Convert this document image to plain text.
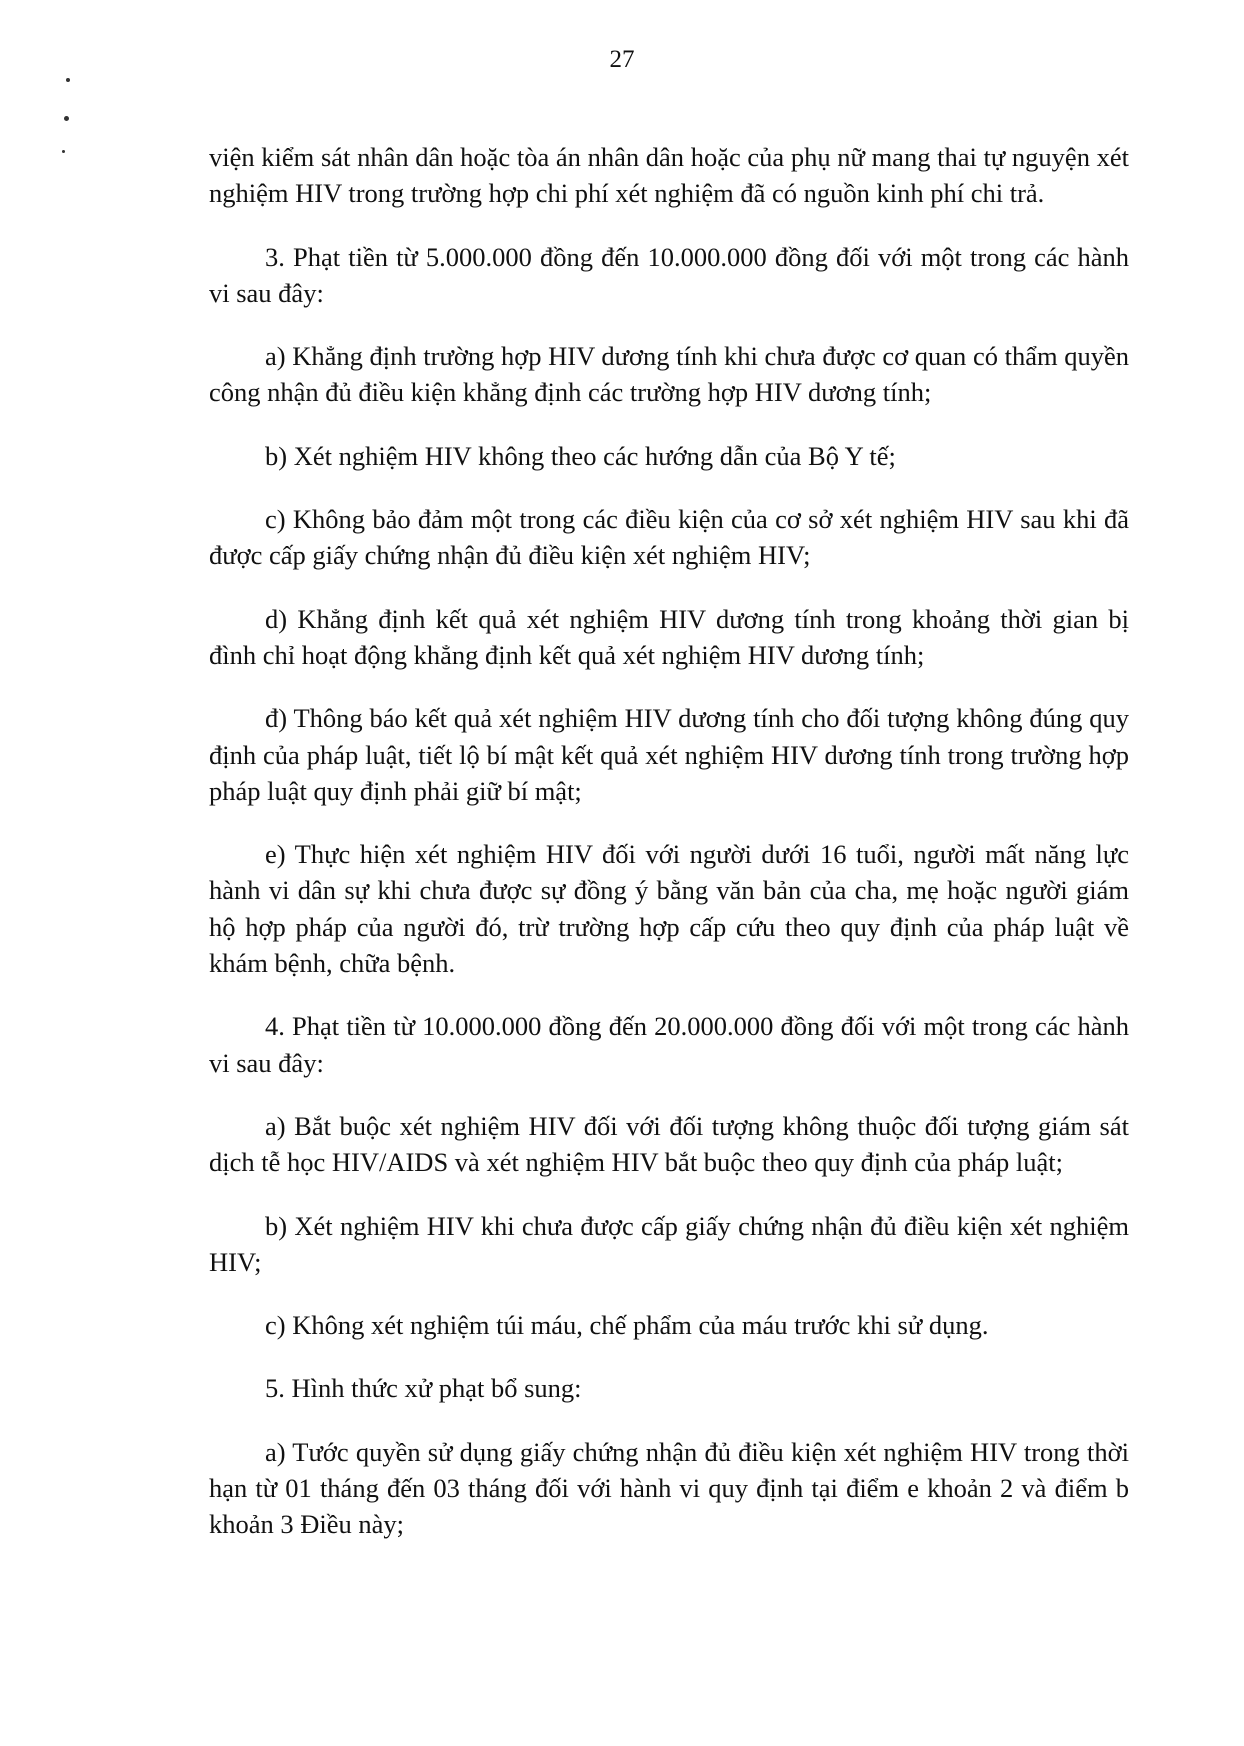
27

viện kiểm sát nhân dân hoặc tòa án nhân dân hoặc của phụ nữ mang thai tự nguyện xét nghiệm HIV trong trường hợp chi phí xét nghiệm đã có nguồn kinh phí chi trả.

3. Phạt tiền từ 5.000.000 đồng đến 10.000.000 đồng đối với một trong các hành vi sau đây:

a) Khẳng định trường hợp HIV dương tính khi chưa được cơ quan có thẩm quyền công nhận đủ điều kiện khẳng định các trường hợp HIV dương tính;

b) Xét nghiệm HIV không theo các hướng dẫn của Bộ Y tế;

c) Không bảo đảm một trong các điều kiện của cơ sở xét nghiệm HIV sau khi đã được cấp giấy chứng nhận đủ điều kiện xét nghiệm HIV;

d) Khẳng định kết quả xét nghiệm HIV dương tính trong khoảng thời gian bị đình chỉ hoạt động khẳng định kết quả xét nghiệm HIV dương tính;

đ) Thông báo kết quả xét nghiệm HIV dương tính cho đối tượng không đúng quy định của pháp luật, tiết lộ bí mật kết quả xét nghiệm HIV dương tính trong trường hợp pháp luật quy định phải giữ bí mật;

e) Thực hiện xét nghiệm HIV đối với người dưới 16 tuổi, người mất năng lực hành vi dân sự khi chưa được sự đồng ý bằng văn bản của cha, mẹ hoặc người giám hộ hợp pháp của người đó, trừ trường hợp cấp cứu theo quy định của pháp luật về khám bệnh, chữa bệnh.

4. Phạt tiền từ 10.000.000 đồng đến 20.000.000 đồng đối với một trong các hành vi sau đây:

a) Bắt buộc xét nghiệm HIV đối với đối tượng không thuộc đối tượng giám sát dịch tễ học HIV/AIDS và xét nghiệm HIV bắt buộc theo quy định của pháp luật;

b) Xét nghiệm HIV khi chưa được cấp giấy chứng nhận đủ điều kiện xét nghiệm HIV;

c) Không xét nghiệm túi máu, chế phẩm của máu trước khi sử dụng.

5. Hình thức xử phạt bổ sung:

a) Tước quyền sử dụng giấy chứng nhận đủ điều kiện xét nghiệm HIV trong thời hạn từ 01 tháng đến 03 tháng đối với hành vi quy định tại điểm e khoản 2 và điểm b khoản 3 Điều này;
